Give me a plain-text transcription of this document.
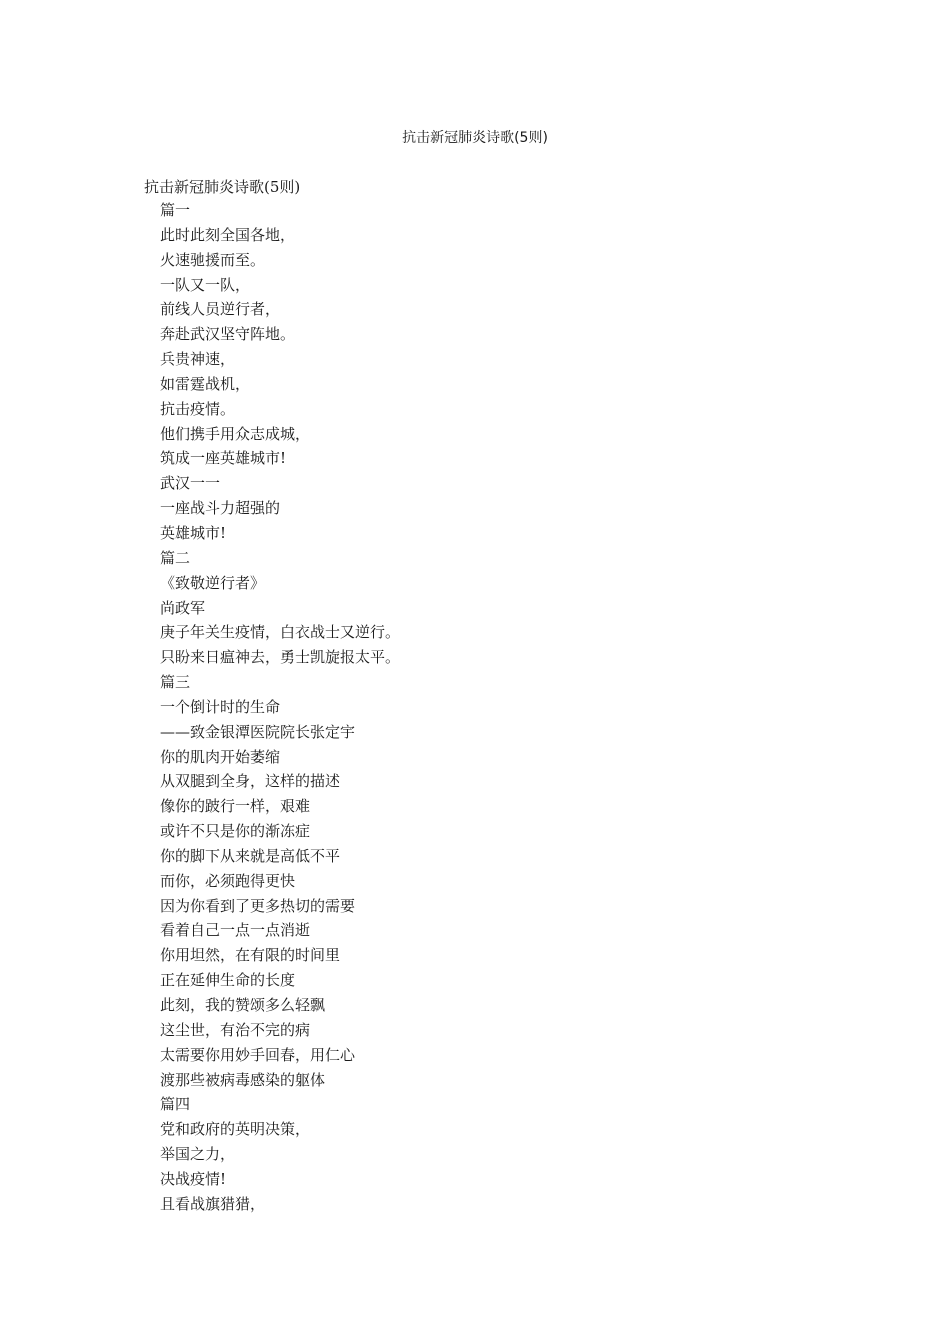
抗击新冠肺炎诗歌(5则)
抗击新冠肺炎诗歌(5则)
篇一
此时此刻全国各地，
火速驰援而至。
一队又一队，
前线人员逆行者，
奔赴武汉坚守阵地。
兵贵神速，
如雷霆战机，
抗击疫情。
他们携手用众志成城，
筑成一座英雄城市!
武汉一一
一座战斗力超强的
英雄城市!
篇二
《致敬逆行者》
尚政军
庚子年关生疫情，白衣战士又逆行。
只盼来日瘟神去，勇士凯旋报太平。
篇三
一个倒计时的生命
——致金银潭医院院长张定宇
你的肌肉开始萎缩
从双腿到全身，这样的描述
像你的跛行一样，艰难
或许不只是你的渐冻症
你的脚下从来就是高低不平
而你，必须跑得更快
因为你看到了更多热切的需要
看着自己一点一点消逝
你用坦然，在有限的时间里
正在延伸生命的长度
此刻，我的赞颂多么轻飘
这尘世，有治不完的病
太需要你用妙手回春，用仁心
渡那些被病毒感染的躯体
篇四
党和政府的英明决策，
举国之力，
决战疫情!
且看战旗猎猎，
